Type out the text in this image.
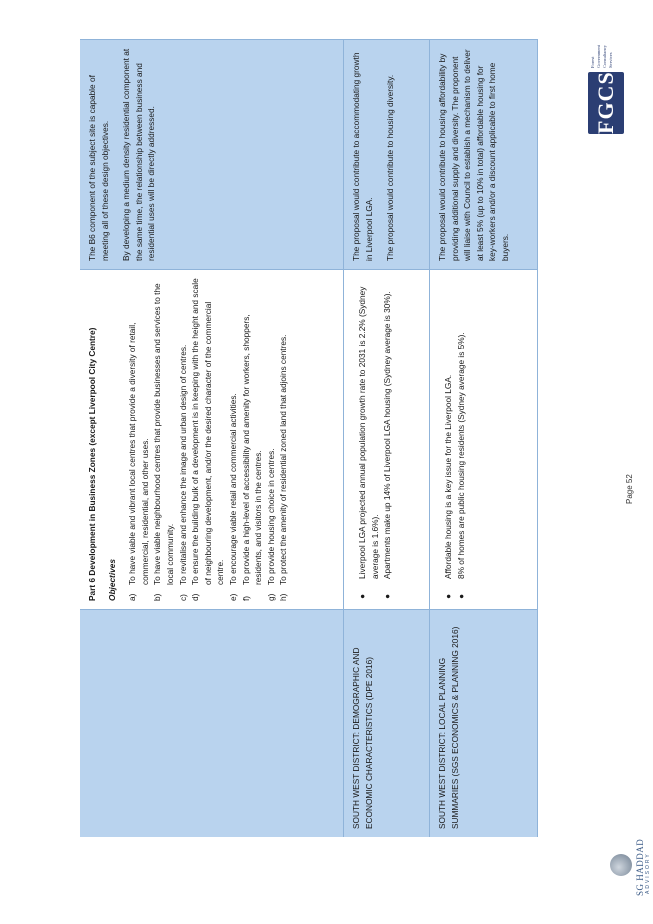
Part 6 Development in Business Zones (except Liverpool City Centre) Objectives a)
To have viable and vibrant local centres that provide a diversity of retail, commercial, residential, and other uses.
b)
To have viable neighbourhood centres that provide businesses and services to the local community.
c)
To revitalise and enhance the image and urban design of centres.
d)
To ensure the building bulk of a development is in keeping with the height and scale of neighbouring development, and/or the desired character of the commercial centre.
e)
To encourage viable retail and commercial activities.
f)
To provide a high-level of accessibility and amenity for workers, shoppers, residents, and visitors in the centres.
g)
To provide housing choice in centres.
h)
To protect the amenity of residential zoned land that adjoins centres.

The B6 component of the subject site is capable of meeting all of these design objectives. By developing a medium density residential component at the same time, the relationship between business and residential uses will be directly addressed.

SOUTH WEST DISTRICT: DEMOGRAPHIC AND ECONOMIC CHARACTERISTICS (DPE 2016)
●
Liverpool LGA projected annual population growth rate to 2031 is 2.2% (Sydney average is 1.6%).
●
Apartments make up 14% of Liverpool LGA housing (Sydney average is 30%).

The proposal would contribute to accommodating growth in Liverpool LGA. The proposal would contribute to housing diversity.

SOUTH WEST DISTRICT: LOCAL PLANNING SUMMARIES (SGS ECONOMICS & PLANNING 2016)
●
Affordable housing is a key issue for the Liverpool LGA.
●
8% of homes are public housing residents (Sydney average is 5%).

The proposal would contribute to housing affordability by providing additional supply and diversity. The proponent will liaise with Council to establish a mechanism to deliver at least 5% (up to 10% in total) affordable housing for key-workers and/or a discount applicable to first home buyers.

Page 52
SG HADDAD ADVISORY
FGCS
Forest Government Consultancy Services
